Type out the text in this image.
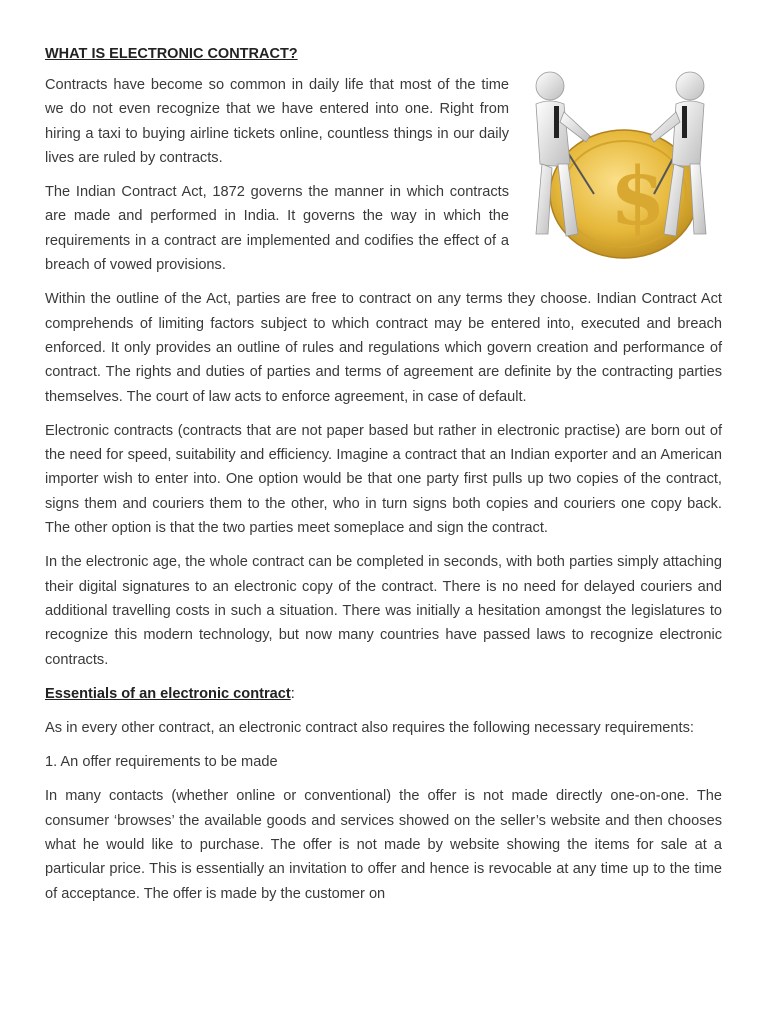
WHAT IS ELECTRONIC CONTRACT?
$

Contracts have become so common in daily life that most of the time we do not even recognize that we have entered into one. Right from hiring a taxi to buying airline tickets online, countless things in our daily lives are ruled by contracts.

The Indian Contract Act, 1872 governs the manner in which contracts are made and performed in India. It governs the way in which the requirements in a contract are implemented and codifies the effect of a breach of vowed provisions.

Within the outline of the Act, parties are free to contract on any terms they choose. Indian Contract Act comprehends of limiting factors subject to which contract may be entered into, executed and breach enforced. It only provides an outline of rules and regulations which govern creation and performance of contract. The rights and duties of parties and terms of agreement are definite by the contracting parties themselves. The court of law acts to enforce agreement, in case of default.

Electronic contracts (contracts that are not paper based but rather in electronic practise) are born out of the need for speed, suitability and efficiency. Imagine a contract that an Indian exporter and an American importer wish to enter into. One option would be that one party first pulls up two copies of the contract, signs them and couriers them to the other, who in turn signs both copies and couriers one copy back. The other option is that the two parties meet someplace and sign the contract.

In the electronic age, the whole contract can be completed in seconds, with both parties simply attaching their digital signatures to an electronic copy of the contract. There is no need for delayed couriers and additional travelling costs in such a situation. There was initially a hesitation amongst the legislatures to recognize this modern technology, but now many countries have passed laws to recognize electronic contracts.

Essentials of an electronic contract:

As in every other contract, an electronic contract also requires the following necessary requirements:

1. An offer requirements to be made

In many contacts (whether online or conventional) the offer is not made directly one-on-one. The consumer ‘browses’ the available goods and services showed on the seller’s website and then chooses what he would like to purchase. The offer is not made by website showing the items for sale at a particular price. This is essentially an invitation to offer and hence is revocable at any time up to the time of acceptance. The offer is made by the customer on
